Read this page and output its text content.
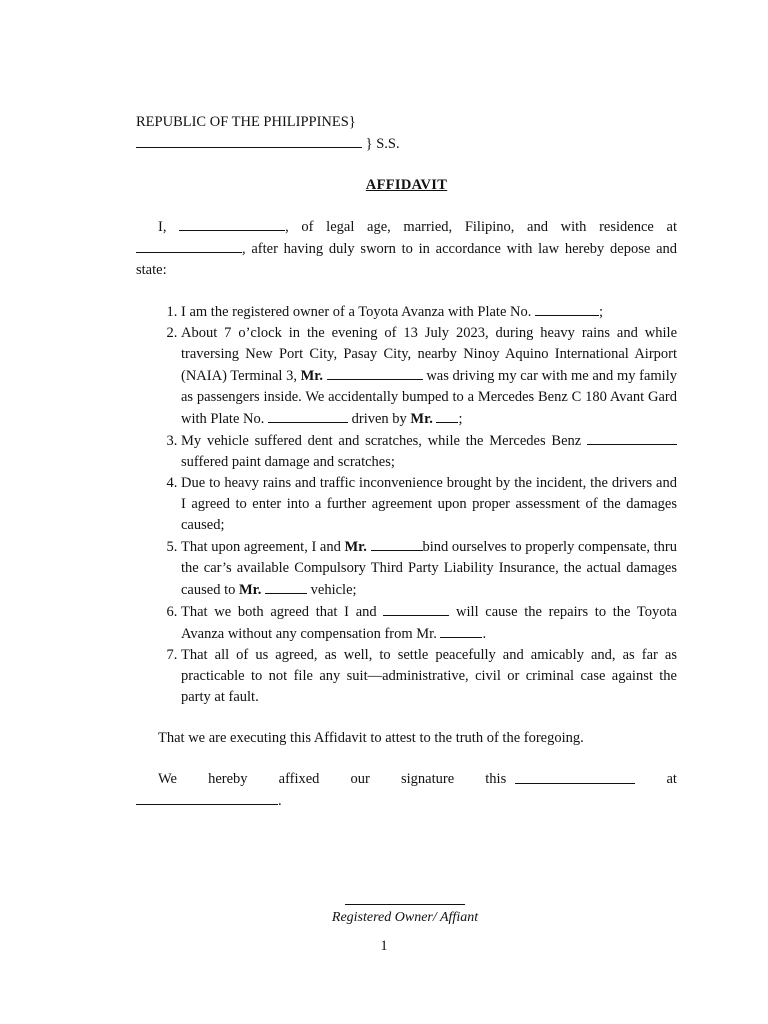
REPUBLIC OF THE PHILIPPINES}

} S.S.

AFFIDAVIT

I,	, of legal age, married, Filipino, and with residence at , after having duly sworn to in accordance with law hereby depose and state:

1. I am the registered owner of a Toyota Avanza with Plate No.	;
2. About 7 o’clock in the evening of 13 July 2023, during heavy rains and while traversing New Port City, Pasay City, nearby Ninoy Aquino International Airport (NAIA) Terminal 3, Mr.	was driving my car with me and my family as passengers inside. We accidentally bumped to a Mercedes Benz C 180 Avant Gard with Plate No.	driven by Mr. ;
3. My vehicle suffered dent and scratches, while the Mercedes Benz suffered paint damage and scratches;
4. Due to heavy rains and traffic inconvenience brought by the incident, the drivers and I agreed to enter into a further agreement upon proper assessment of the damages caused;
5. That upon agreement, I and Mr.	bind ourselves to properly compensate, thru the car’s available Compulsory Third Party Liability Insurance, the actual damages caused to Mr.	vehicle;
6. That we both agreed that I and	will cause the repairs to the Toyota Avanza without any compensation from Mr.	.
7. That all of us agreed, as well, to settle peacefully and amicably and, as far as practicable to not file any suit—administrative, civil or criminal case against the party at fault.

That we are executing this Affidavit to attest to the truth of the foregoing.

We	hereby	affixed	our	signature	this	at
.
Registered Owner/ Affiant
1
